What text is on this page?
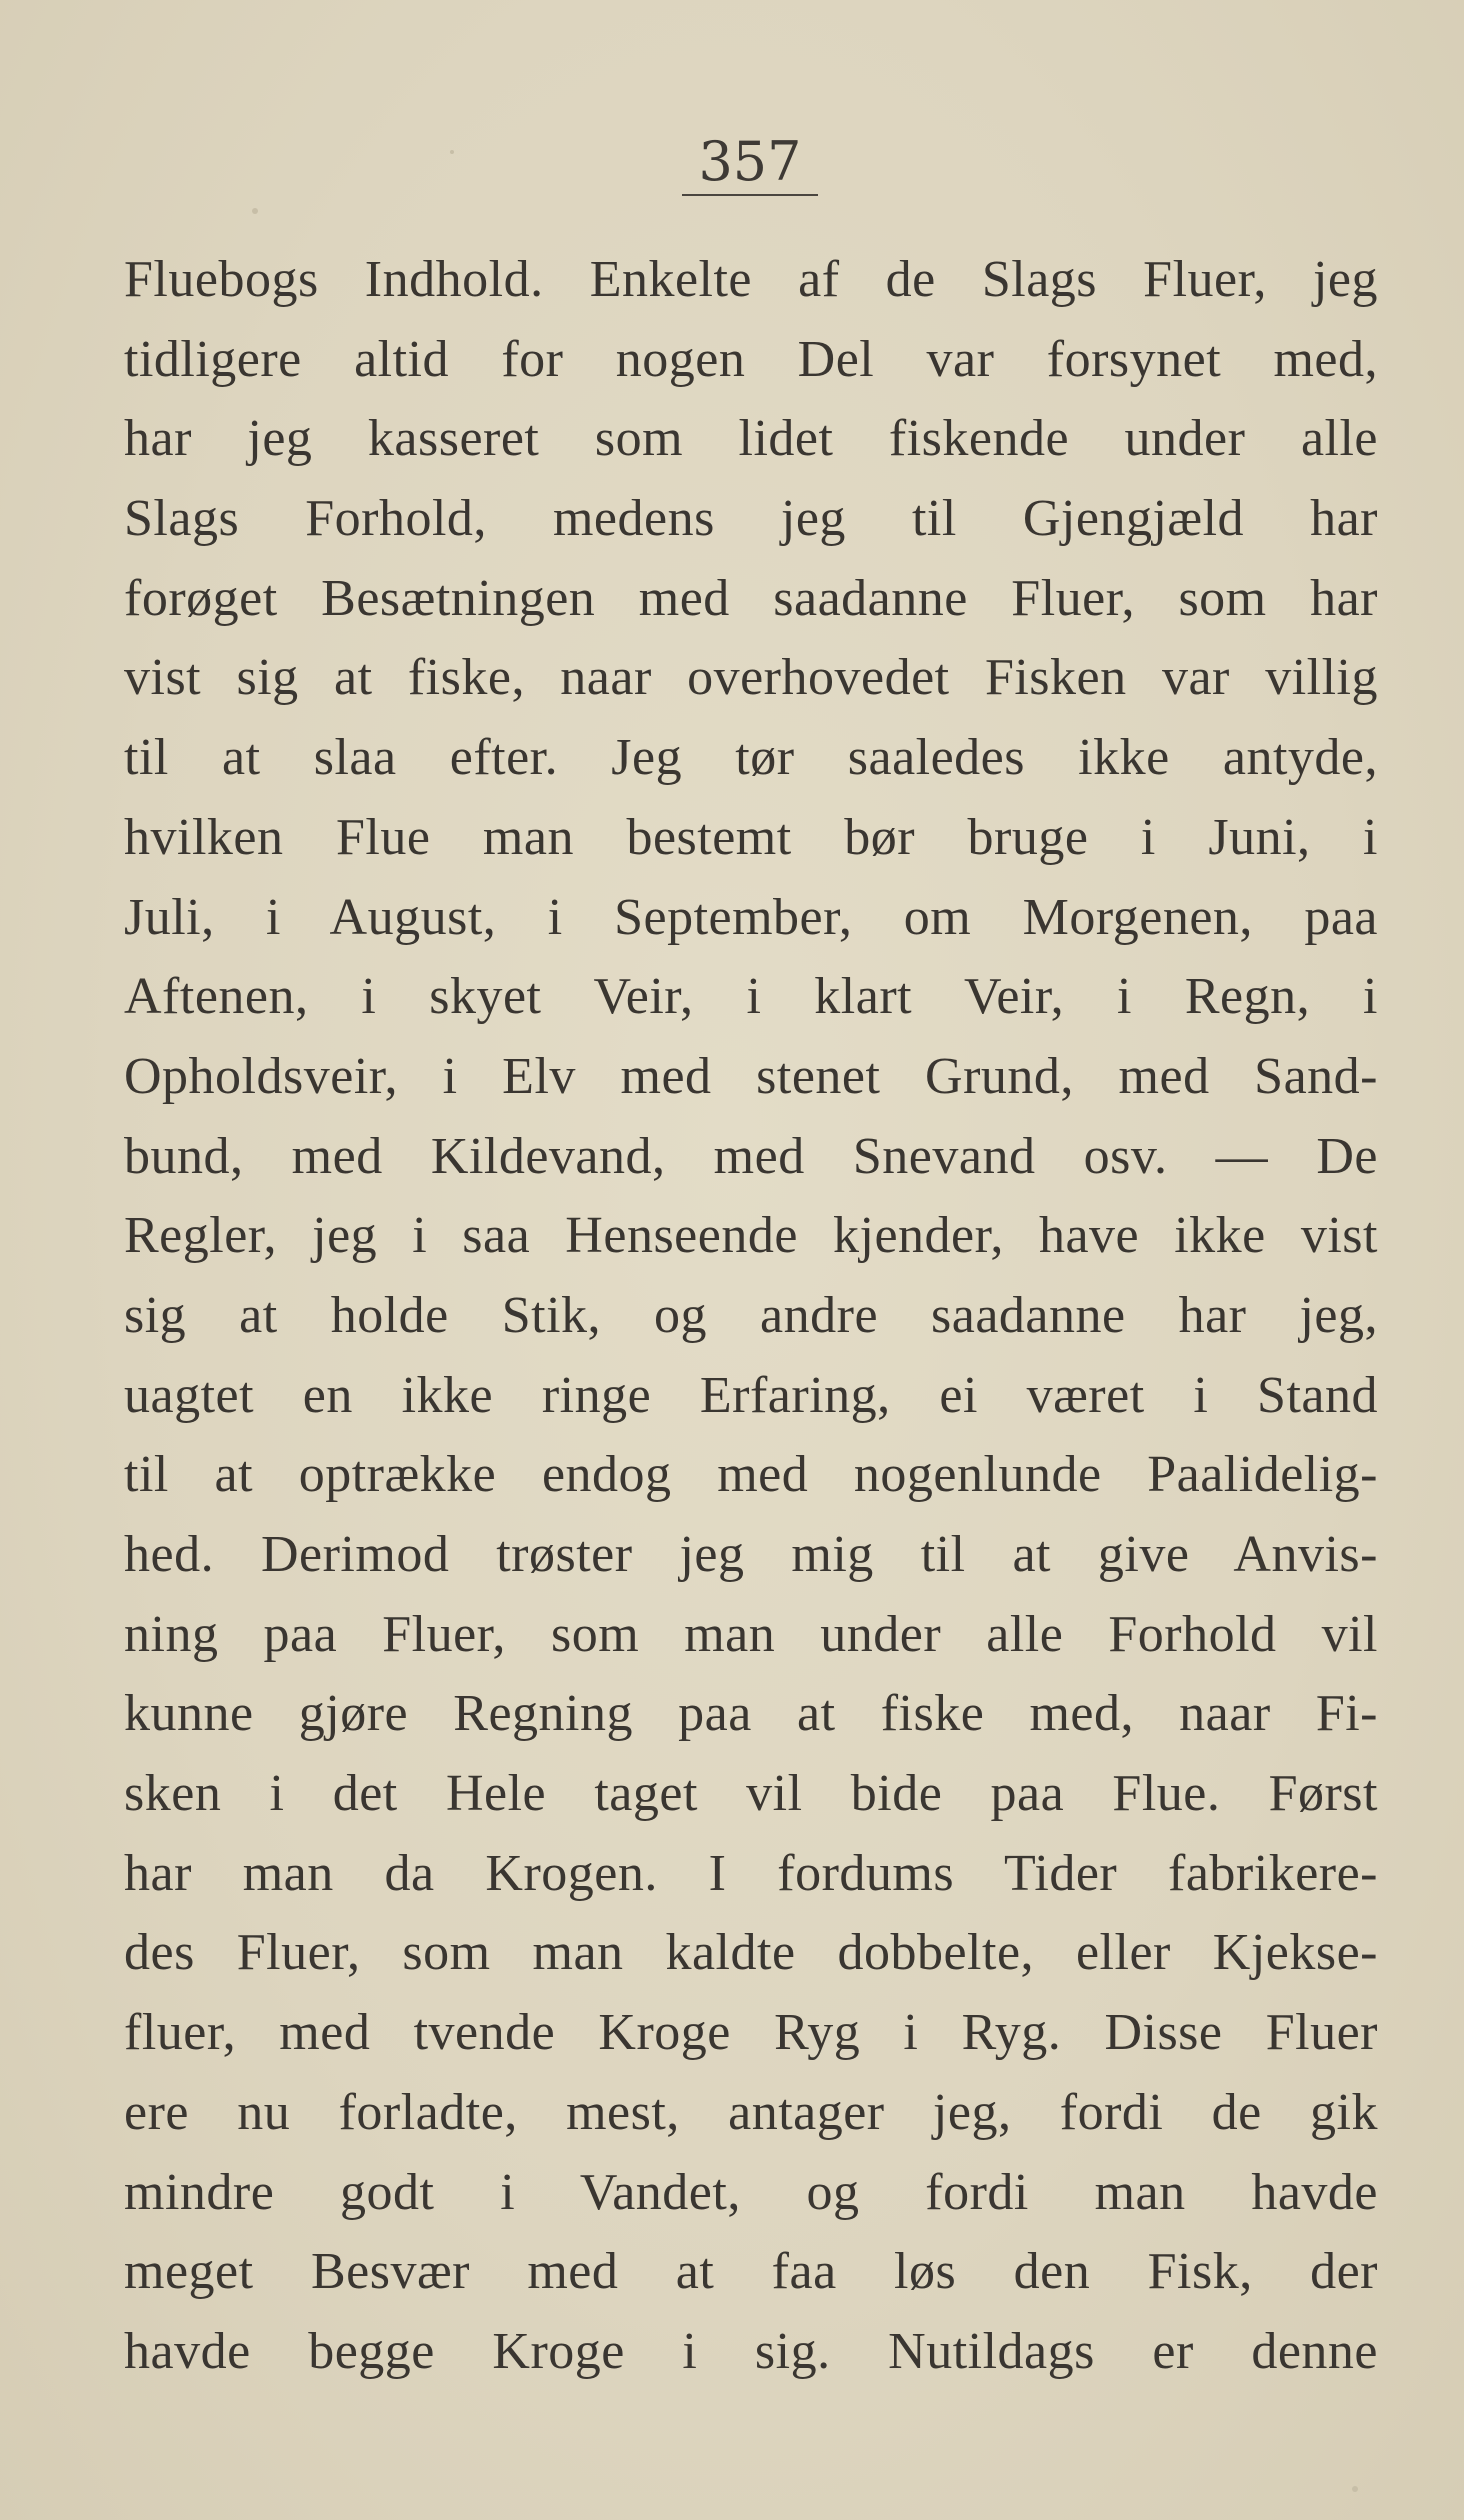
357
Fluebogs Indhold. Enkelte af de Slags Fluer, jeg
tidligere altid for nogen Del var forsynet med,
har jeg kasseret som lidet fiskende under alle
Slags Forhold, medens jeg til Gjengjæld har
forøget Besætningen med saadanne Fluer, som har
vist sig at fiske, naar overhovedet Fisken var villig
til at slaa efter. Jeg tør saaledes ikke antyde,
hvilken Flue man bestemt bør bruge i Juni, i
Juli, i August, i September, om Morgenen, paa
Aftenen, i skyet Veir, i klart Veir, i Regn, i
Opholdsveir, i Elv med stenet Grund, med Sand-
bund, med Kildevand, med Snevand osv. — De
Regler, jeg i saa Henseende kjender, have ikke vist
sig at holde Stik, og andre saadanne har jeg,
uagtet en ikke ringe Erfaring, ei været i Stand
til at optrække endog med nogenlunde Paalidelig-
hed. Derimod trøster jeg mig til at give Anvis-
ning paa Fluer, som man under alle Forhold vil
kunne gjøre Regning paa at fiske med, naar Fi-
sken i det Hele taget vil bide paa Flue. Først
har man da Krogen. I fordums Tider fabrikere-
des Fluer, som man kaldte dobbelte, eller Kjekse-
fluer, med tvende Kroge Ryg i Ryg. Disse Fluer
ere nu forladte, mest, antager jeg, fordi de gik
mindre godt i Vandet, og fordi man havde
meget Besvær med at faa løs den Fisk, der
havde begge Kroge i sig. Nutildags er denne
